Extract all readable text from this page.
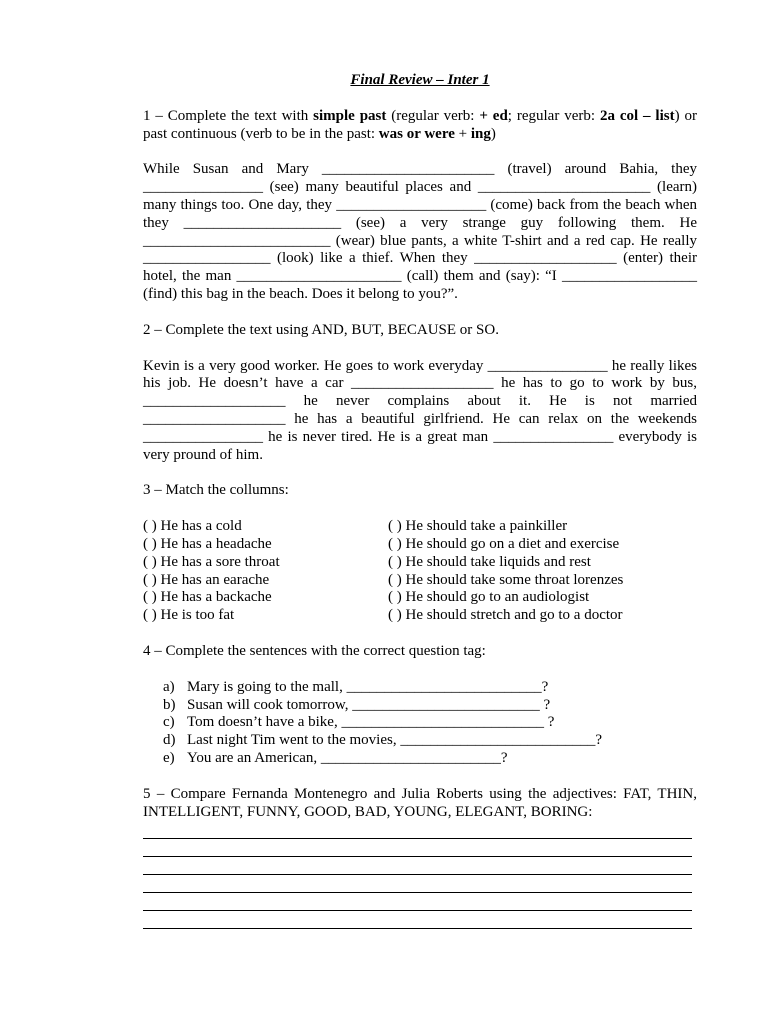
Final Review – Inter 1

1 – Complete the text with simple past (regular verb: + ed; regular verb: 2a col – list) or past continuous (verb to be in the past: was or were + ing)

While Susan and Mary _______________________ (travel) around Bahia, they ________________ (see) many beautiful places and _______________________ (learn) many things too. One day, they ____________________ (come) back from the beach when they _____________________ (see) a very strange guy following them. He _________________________ (wear) blue pants, a white T-shirt and a red cap. He really _________________ (look) like a thief. When they ___________________ (enter) their hotel, the man ______________________ (call) them and (say): “I __________________ (find) this bag in the beach. Does it belong to you?”.

2 – Complete the text using AND, BUT, BECAUSE or SO.

Kevin is a very good worker. He goes to work everyday ________________ he really likes his job. He doesn’t have a car ___________________ he has to go to work by bus, ___________________ he never complains about it. He is not married ___________________ he has a beautiful girlfriend. He can relax on the weekends ________________ he is never tired. He is a great man ________________ everybody is very pround of him.

3 – Match the collumns:

( ) He has a cold	( ) He should take a painkiller
( ) He has a headache	( ) He should go on a diet and exercise
( ) He has a sore throat	( ) He should take liquids and rest
( ) He has an earache	( ) He should take some throat lorenzes
( ) He has a backache	( ) He should go to an audiologist
( ) He is too fat	( ) He should stretch and go to a doctor

4 – Complete the sentences with the correct question tag:

a) Mary is going to the mall, __________________________?
b) Susan will cook tomorrow, _________________________ ?
c) Tom doesn’t have a bike, ___________________________ ?
d) Last night Tim went to the movies, __________________________?
e) You are an American, ________________________?

5 – Compare Fernanda Montenegro and Julia Roberts using the adjectives: FAT, THIN, INTELLIGENT, FUNNY, GOOD, BAD, YOUNG, ELEGANT, BORING:
